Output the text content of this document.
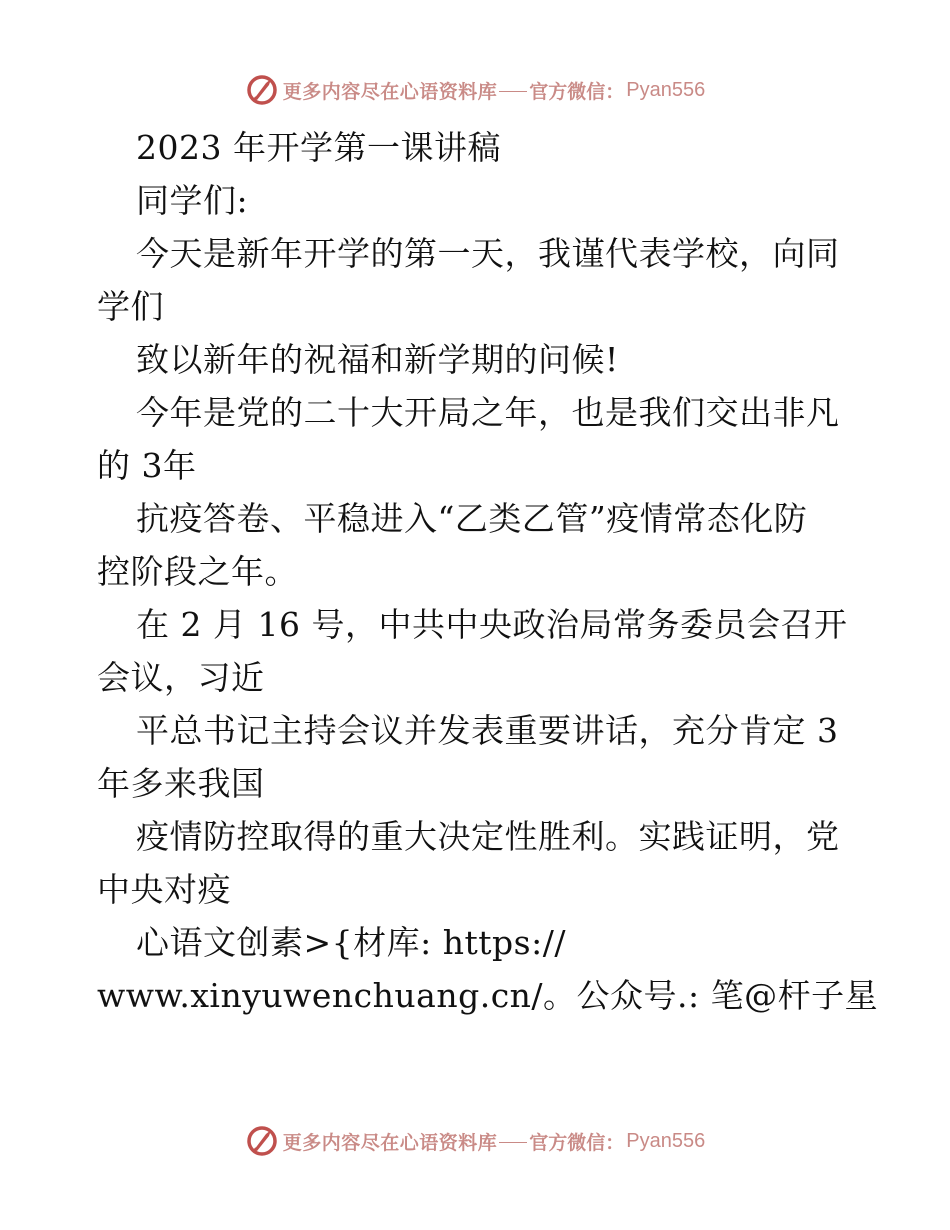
更多内容尽在心语资料库 官方微信： Pyan556
2023 年开学第一课讲稿
同学们:
今天是新年开学的第一天，我谨代表学校，向同
学们
致以新年的祝福和新学期的问候!
今年是党的二十大开局之年，也是我们交出非凡
的 3年
抗疫答卷、平稳进入“乙类乙管”疫情常态化防
控阶段之年。
在 2 月 16 号，中共中央政治局常务委员会召开
会议，习近
平总书记主持会议并发表重要讲话，充分肯定 3
年多来我国
疫情防控取得的重大决定性胜利。实践证明，党
中央对疫
心语文创素>{材库: https://
www.xinyuwenchuang.cn/。公众号.: 笔@杆子星
更多内容尽在心语资料库 官方微信： Pyan556
